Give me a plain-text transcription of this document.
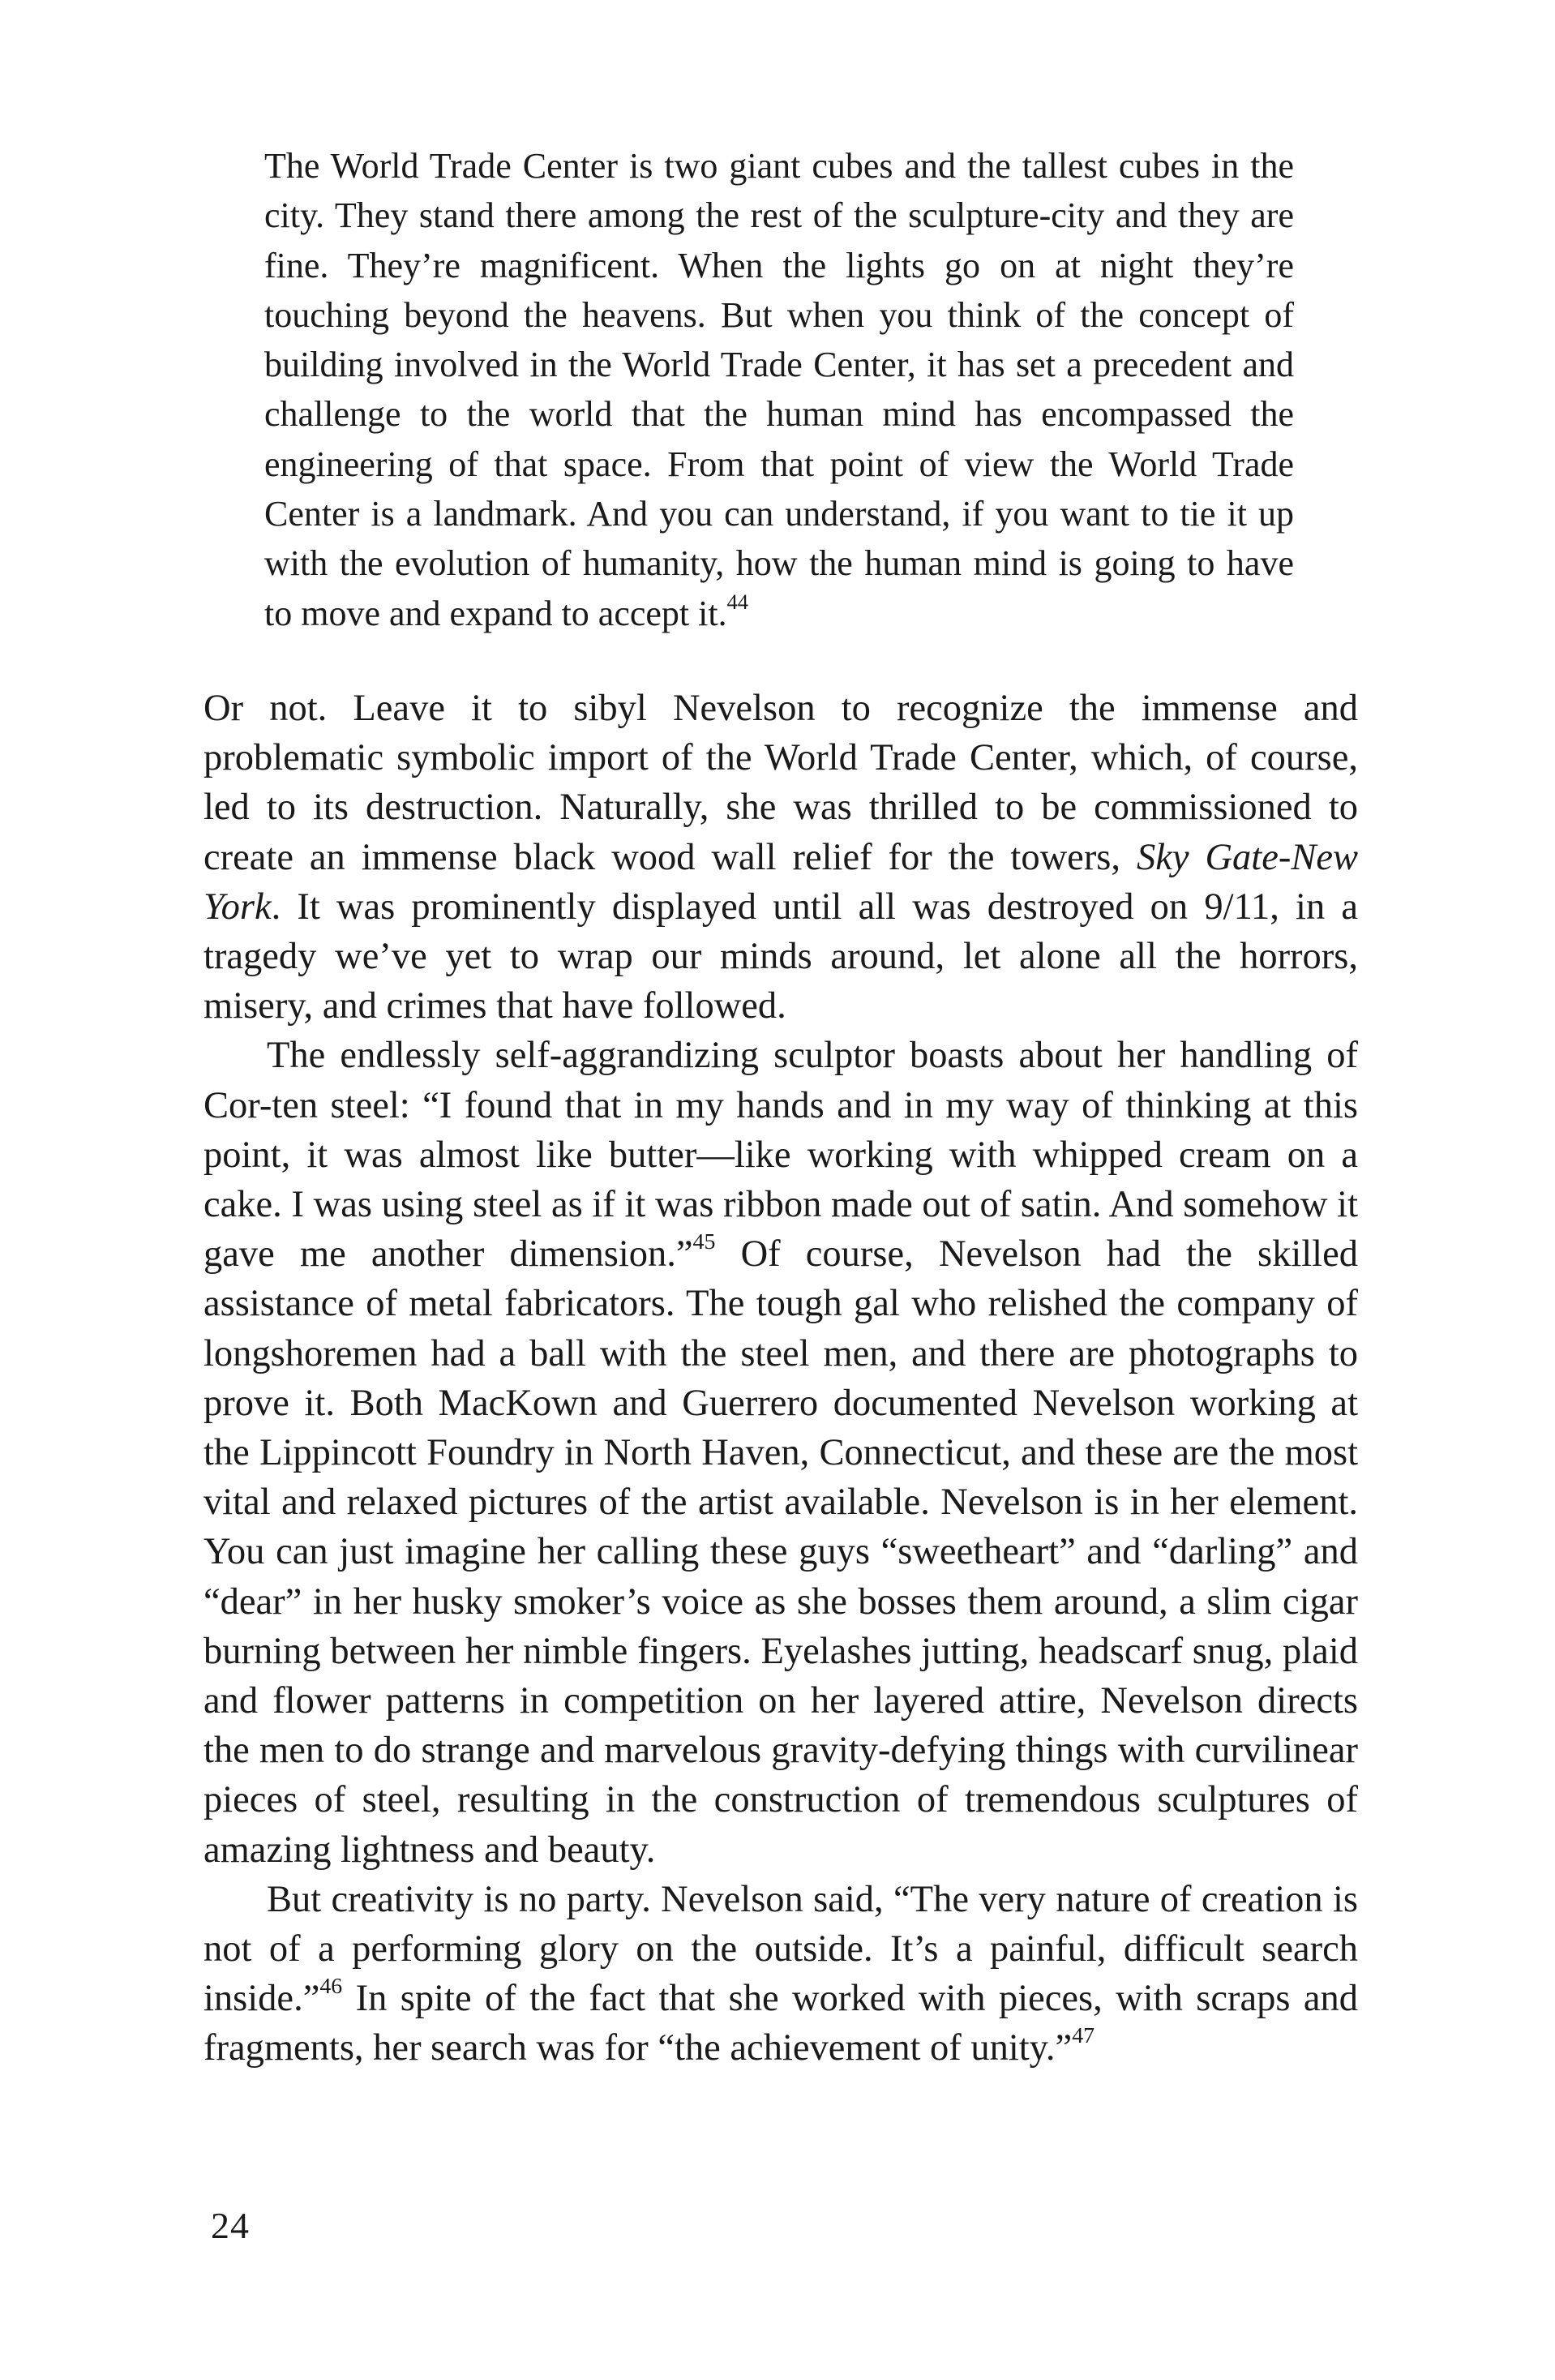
The World Trade Center is two giant cubes and the tallest cubes in the city. They stand there among the rest of the sculpture-city and they are fine. They’re magnificent. When the lights go on at night they’re touching beyond the heavens. But when you think of the concept of building involved in the World Trade Center, it has set a precedent and challenge to the world that the human mind has encompassed the engineering of that space. From that point of view the World Trade Center is a landmark. And you can understand, if you want to tie it up with the evolution of humanity, how the human mind is going to have to move and expand to accept it.$^{44}$

Or not. Leave it to sibyl Nevelson to recognize the immense and problematic symbolic import of the World Trade Center, which, of course, led to its destruction. Naturally, she was thrilled to be commissioned to create an immense black wood wall relief for the towers, Sky Gate-New York. It was prominently displayed until all was destroyed on 9/11, in a tragedy we’ve yet to wrap our minds around, let alone all the horrors, misery, and crimes that have followed.

The endlessly self-aggrandizing sculptor boasts about her handling of Cor-ten steel: “I found that in my hands and in my way of thinking at this point, it was almost like butter—like working with whipped cream on a cake. I was using steel as if it was ribbon made out of satin. And somehow it gave me another dimension.”$^{45}$ Of course, Nevelson had the skilled assistance of metal fabricators. The tough gal who relished the company of longshoremen had a ball with the steel men, and there are photographs to prove it. Both MacKown and Guerrero documented Nevelson working at the Lippincott Foundry in North Haven, Connecticut, and these are the most vital and relaxed pictures of the artist available. Nevelson is in her element. You can just imagine her calling these guys “sweetheart” and “darling” and “dear” in her husky smoker’s voice as she bosses them around, a slim cigar burning between her nimble fingers. Eyelashes jutting, headscarf snug, plaid and flower patterns in competition on her layered attire, Nevelson directs the men to do strange and marvelous gravity-defying things with curvilinear pieces of steel, resulting in the construction of tremendous sculptures of amazing lightness and beauty.

But creativity is no party. Nevelson said, “The very nature of creation is not of a performing glory on the outside. It’s a painful, difficult search inside.”$^{46}$ In spite of the fact that she worked with pieces, with scraps and fragments, her search was for “the achievement of unity.”$^{47}$

24
